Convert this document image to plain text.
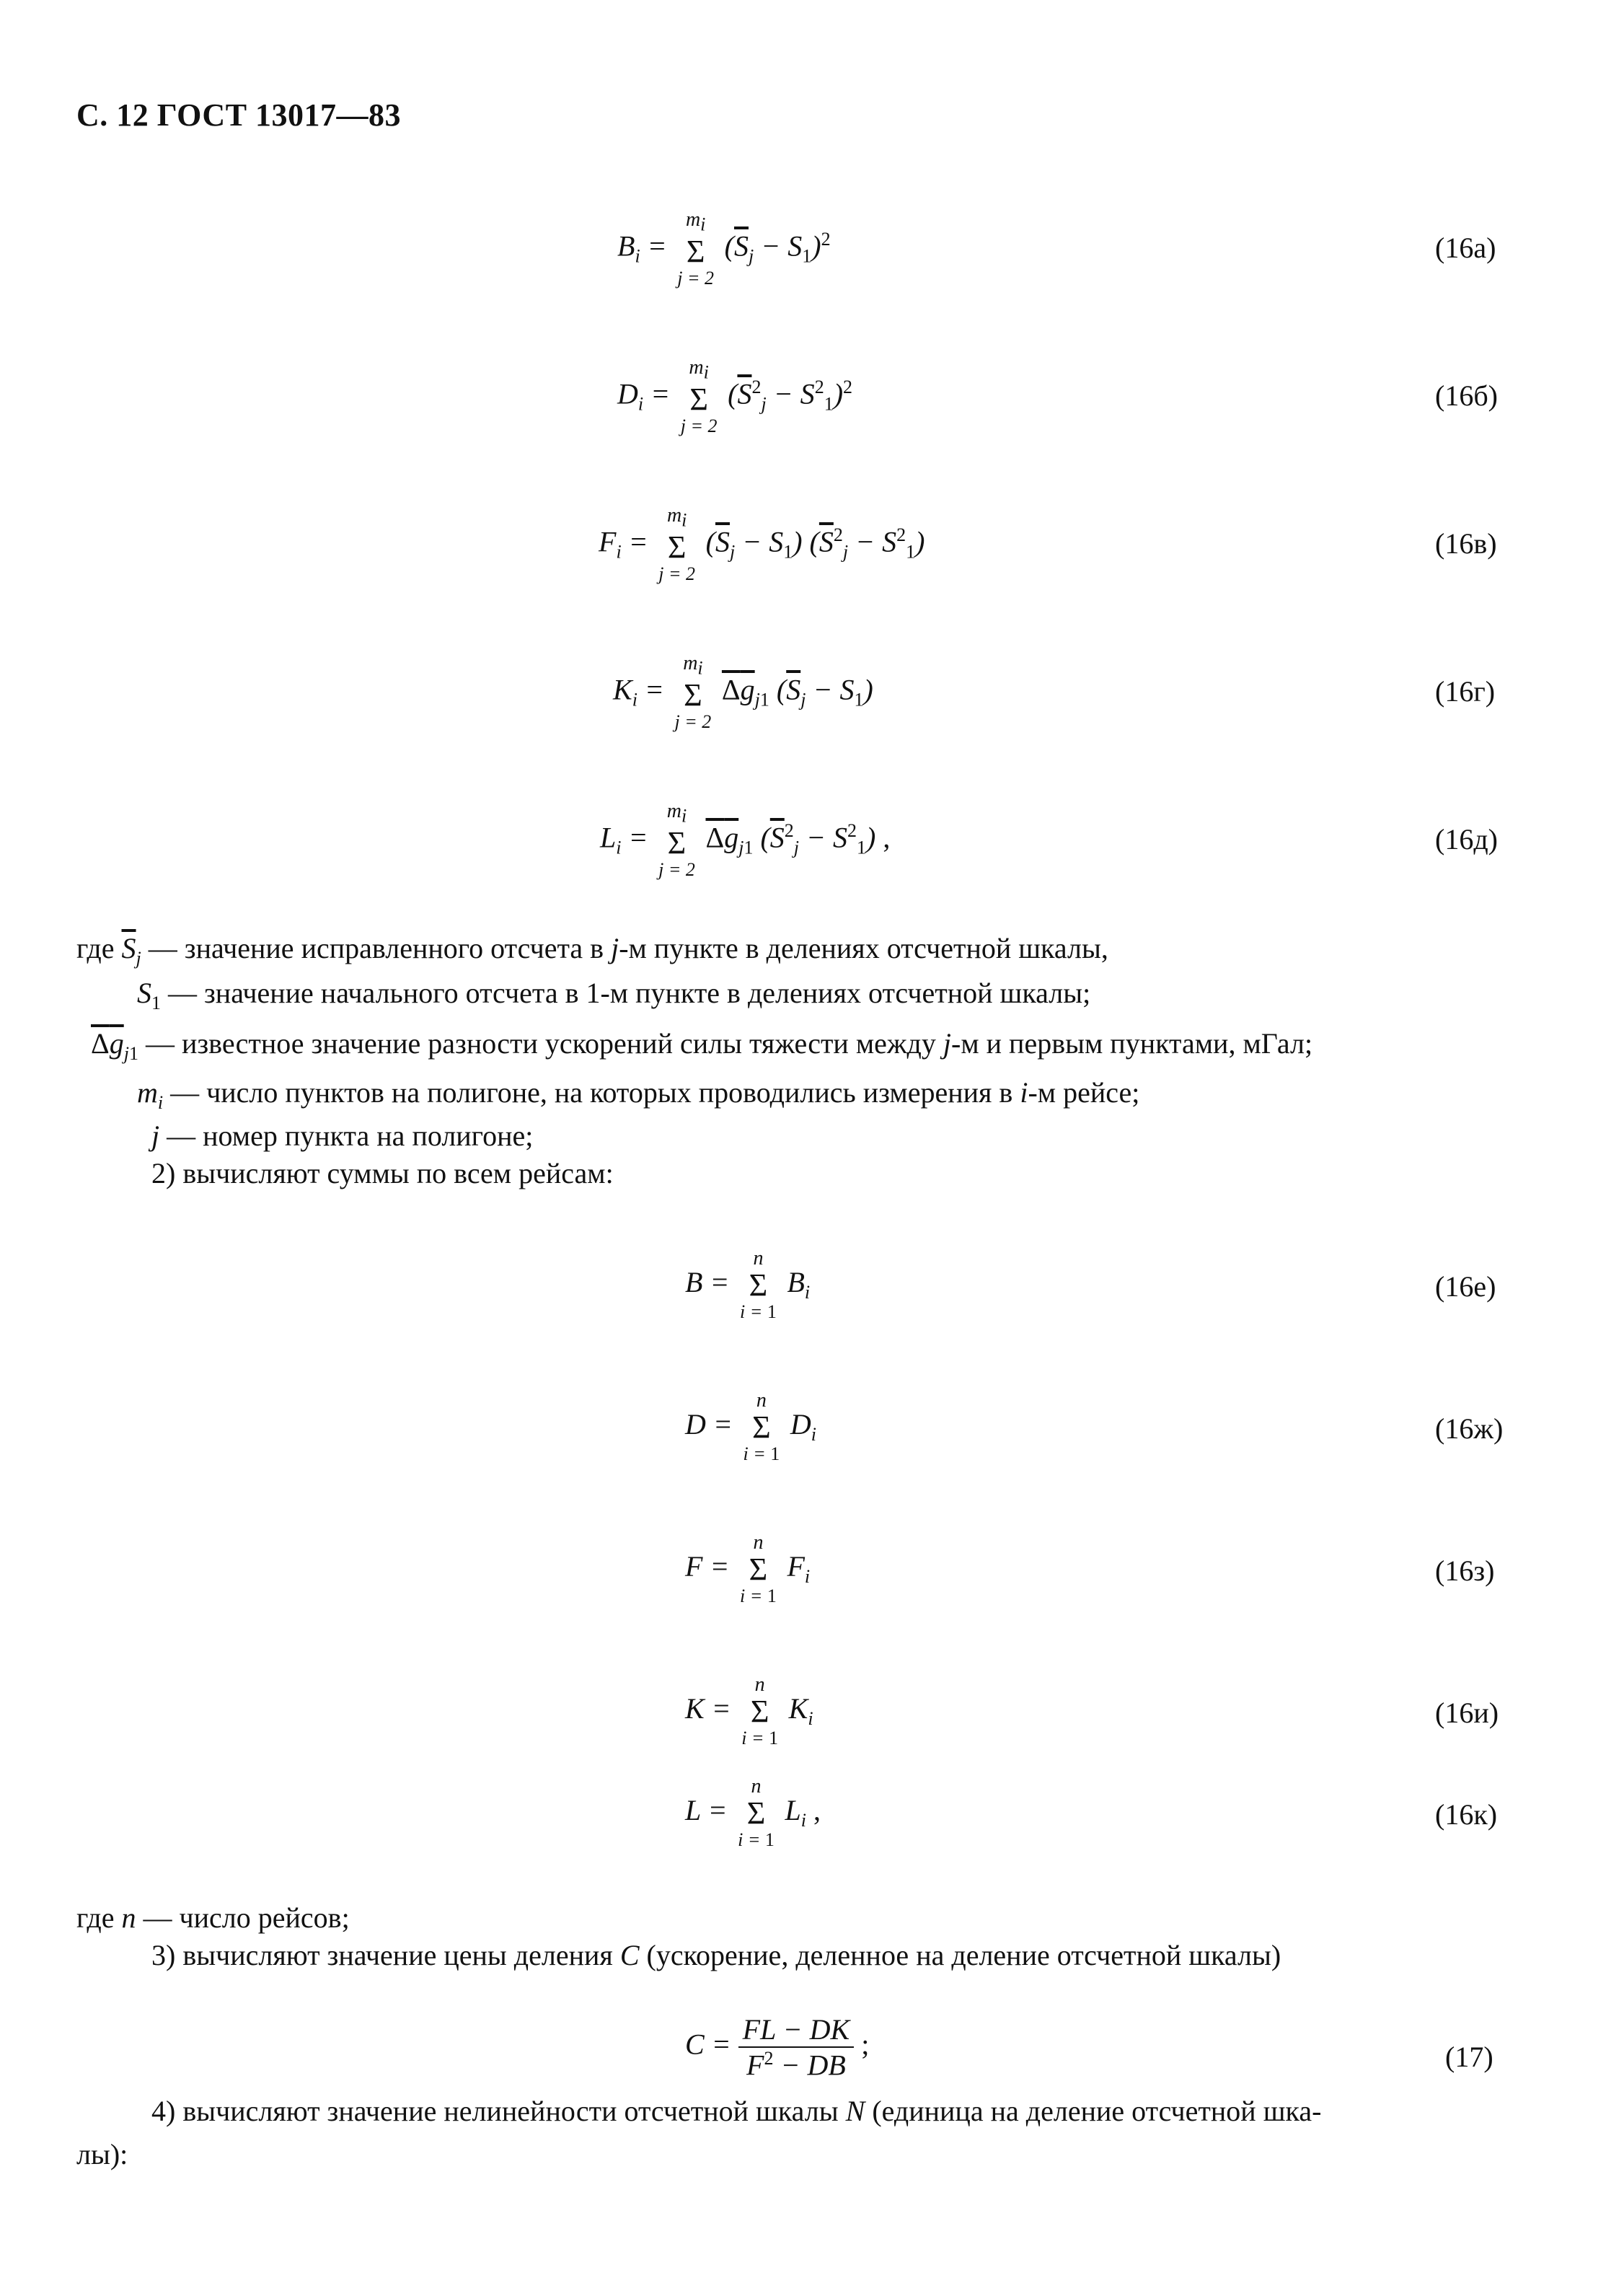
С. 12 ГОСТ 13017—83
$B_i$ =
$m_i$
Σ
j = 2
$(\overline{S}_j - S_1)^2$	(16а)
$D_i$ =
$m_i$
Σ
j = 2
$(\overline{S}^2_j - S^2_1)^2$	(16б)
$F_i$ =
$m_i$
Σ
j = 2
$(\overline{S}_j - S_1) (\overline{S}^2_j - S^2_1)$	(16в)
$K_i$ =
$m_i$
Σ
j = 2
$\Delta g_{j1}$ $(\overline{S}_j - S_1)$	(16г)
$L_i$ =
$m_i$
Σ
j = 2
$\Delta g_{j1}$ $(\overline{S}^2_j - S^2_1)$ ,	(16д)
где $\overline{S}_j$ — значение исправленного отсчета в j-м пункте в делениях отсчетной шкалы,
$S_1$ — значение начального отсчета в 1-м пункте в делениях отсчетной шкалы;
$\Delta g_{j1}$ — известное значение разности ускорений силы тяжести между j-м и первым пунктами, мГал;
$m_i$ — число пунктов на полигоне, на которых проводились измерения в i-м рейсе;
j — номер пункта на полигоне;
2) вычисляют суммы по всем рейсам:
B =
n
Σ
i = 1
$B_i$	(16е)
D =
n
Σ
i = 1
$D_i$	(16ж)
F =
n
Σ
i = 1
$F_i$	(16з)
K =
n
Σ
i = 1
$K_i$	(16и)
L =
n
Σ
i = 1
$L_i$ ,	(16к)
где n — число рейсов;
3) вычисляют значение цены деления C (ускорение, деленное на деление отсчетной шкалы)
$C = \frac{FL - DK}{F^2 - DB}$ ;	(17)
4) вычисляют значение нелинейности отсчетной шкалы N (единица на деление отсчетной шка-
лы):
